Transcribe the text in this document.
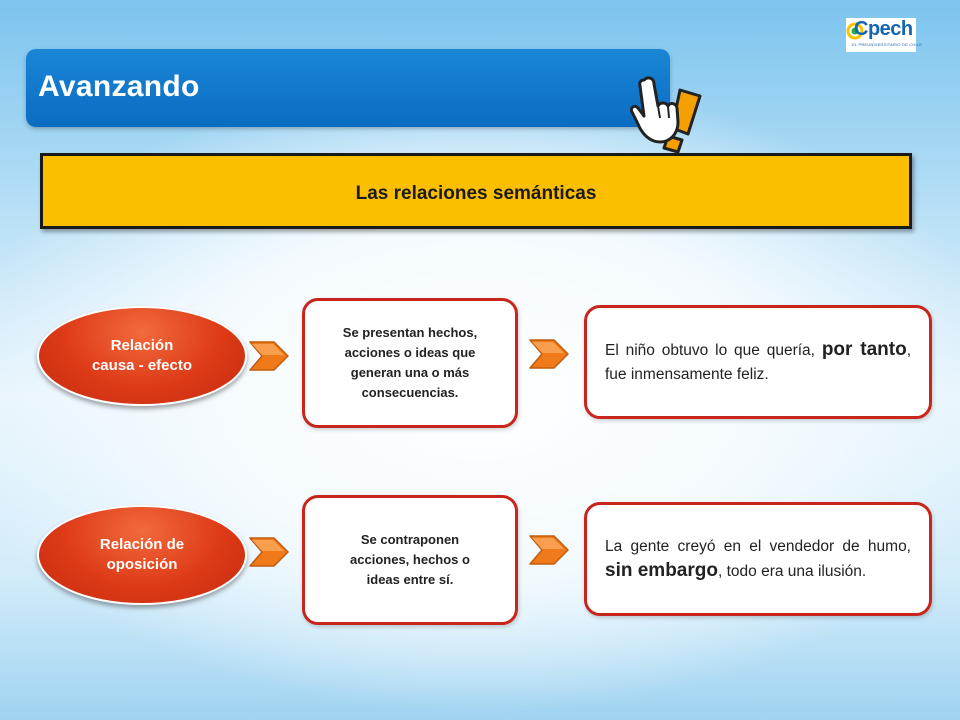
Avanzando
Cpech
EL PREUNIVERSITARIO DE CHILE
Las relaciones semánticas
Relación
causa - efecto
Se presentan hechos,
acciones o ideas que
generan una o más
consecuencias.
El niño obtuvo lo que quería, por tanto, fue inmensamente feliz.
Relación de
oposición
Se contraponen
acciones, hechos o
ideas entre sí.
La gente creyó en el vendedor de humo, sin embargo, todo era una ilusión.
